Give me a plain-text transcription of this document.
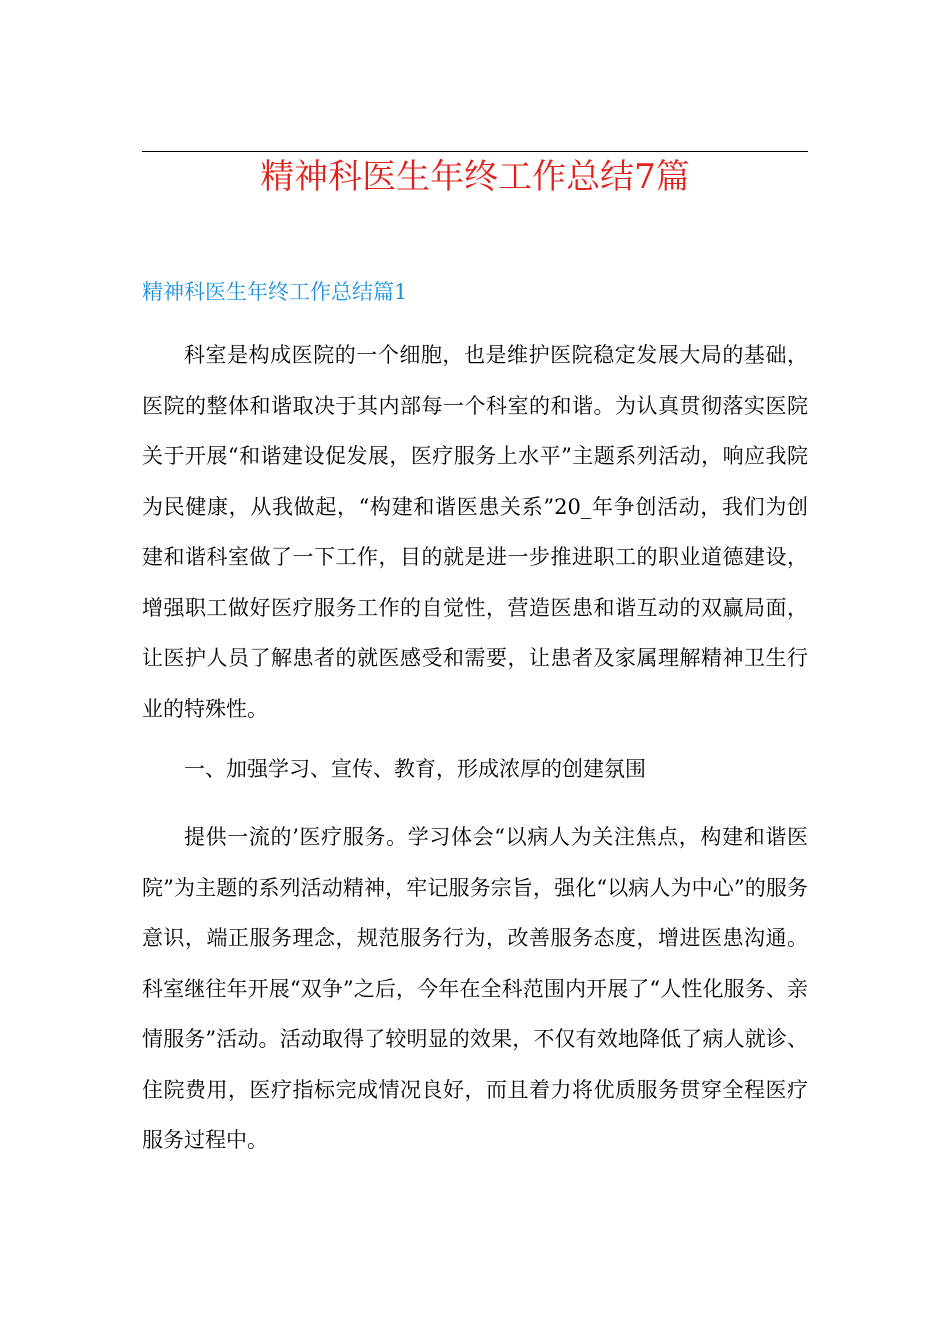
精神科医生年终工作总结7篇
精神科医生年终工作总结篇1

科室是构成医院的一个细胞，也是维护医院稳定发展大局的基础，医院的整体和谐取决于其内部每一个科室的和谐。为认真贯彻落实医院关于开展“和谐建设促发展，医疗服务上水平”主题系列活动，响应我院为民健康，从我做起，“构建和谐医患关系”20_年争创活动，我们为创建和谐科室做了一下工作，目的就是进一步推进职工的职业道德建设，增强职工做好医疗服务工作的自觉性，营造医患和谐互动的双赢局面，让医护人员了解患者的就医感受和需要，让患者及家属理解精神卫生行业的特殊性。

一、加强学习、宣传、教育，形成浓厚的创建氛围

提供一流的’医疗服务。学习体会“以病人为关注焦点，构建和谐医院”为主题的系列活动精神，牢记服务宗旨，强化“以病人为中心”的服务意识，端正服务理念，规范服务行为，改善服务态度，增进医患沟通。科室继往年开展“双争”之后，今年在全科范围内开展了“人性化服务、亲情服务”活动。活动取得了较明显的效果，不仅有效地降低了病人就诊、住院费用，医疗指标完成情况良好，而且着力将优质服务贯穿全程医疗服务过程中。
